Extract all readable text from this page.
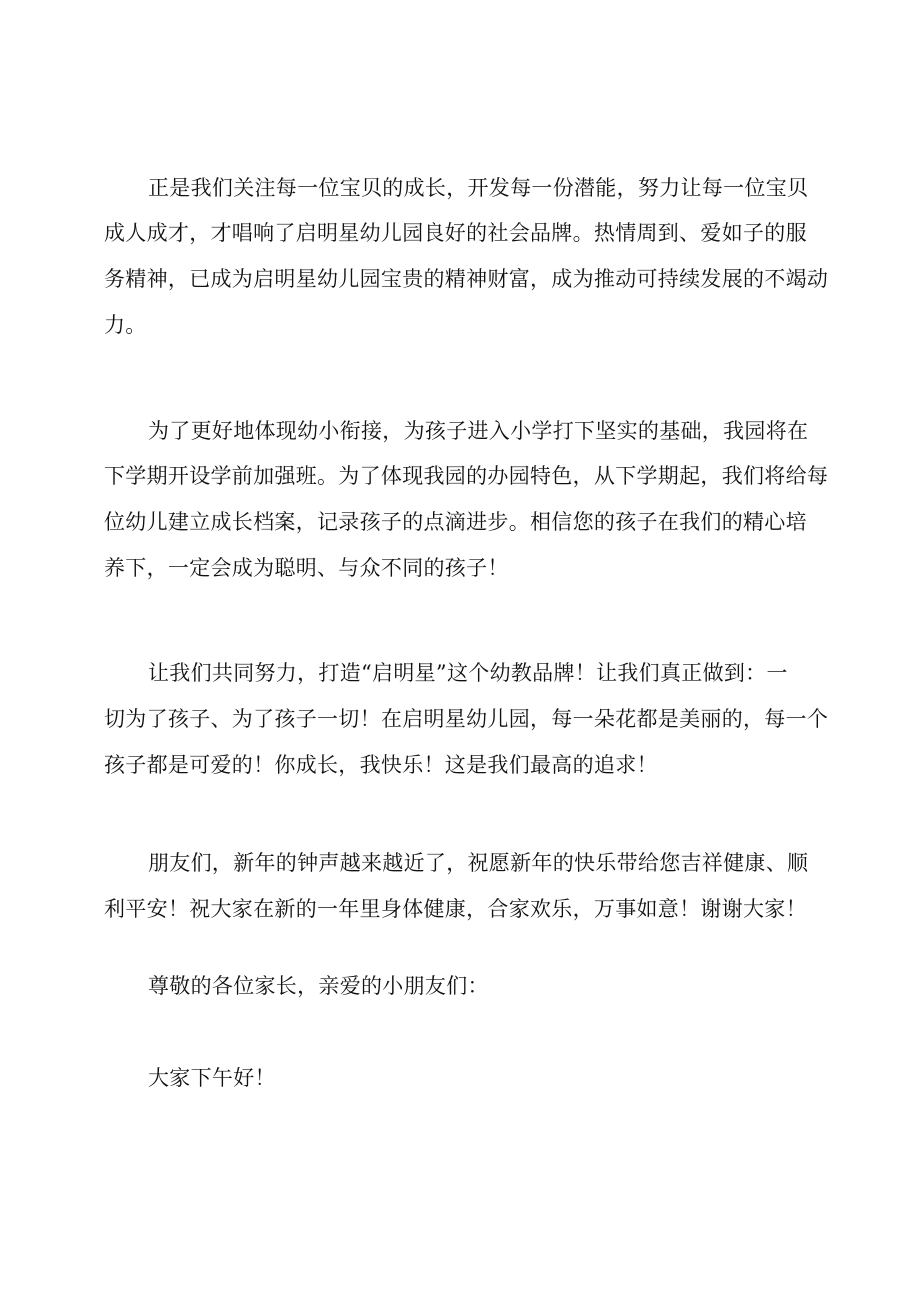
正是我们关注每一位宝贝的成长，开发每一份潜能，努力让每一位宝贝
成人成才，才唱响了启明星幼儿园良好的社会品牌。热情周到、爱如子的服
务精神，已成为启明星幼儿园宝贵的精神财富，成为推动可持续发展的不竭动
力。
为了更好地体现幼小衔接，为孩子进入小学打下坚实的基础，我园将在
下学期开设学前加强班。为了体现我园的办园特色，从下学期起，我们将给每
位幼儿建立成长档案，记录孩子的点滴进步。相信您的孩子在我们的精心培
养下，一定会成为聪明、与众不同的孩子！
让我们共同努力，打造“启明星”这个幼教品牌！让我们真正做到：一
切为了孩子、为了孩子一切！在启明星幼儿园，每一朵花都是美丽的，每一个
孩子都是可爱的！你成长，我快乐！这是我们最高的追求！
朋友们，新年的钟声越来越近了，祝愿新年的快乐带给您吉祥健康、顺
利平安！祝大家在新的一年里身体健康，合家欢乐，万事如意！谢谢大家！
尊敬的各位家长，亲爱的小朋友们：
大家下午好！
